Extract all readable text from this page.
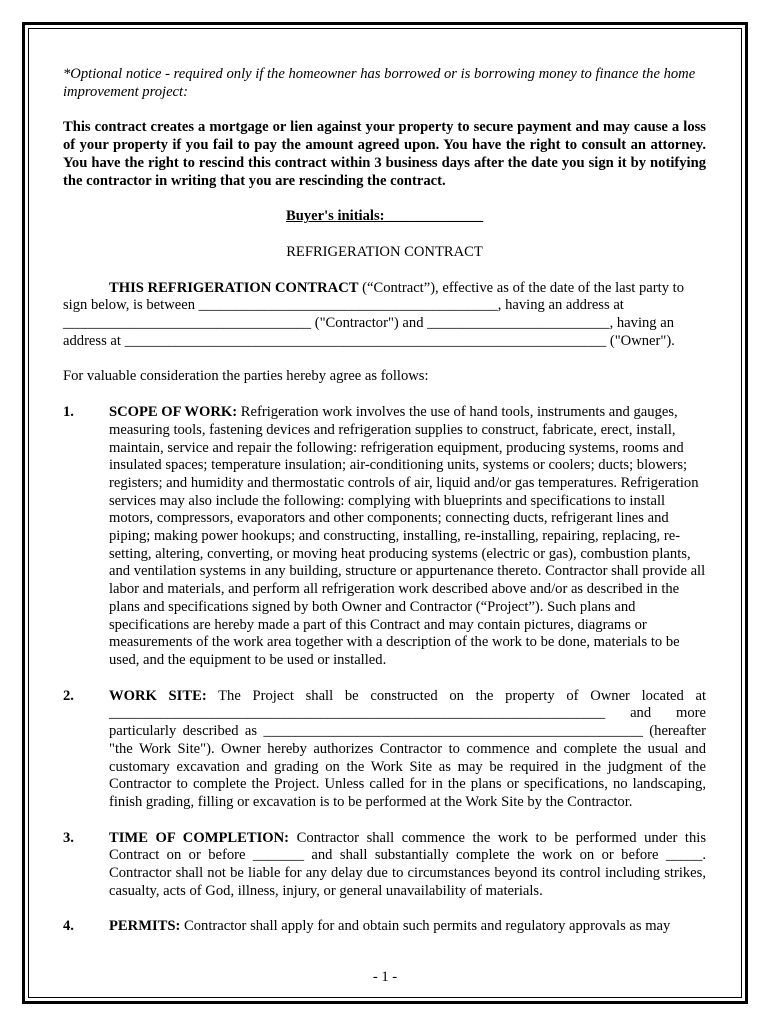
*Optional notice - required only if the homeowner has borrowed or is borrowing money to finance the home improvement project:

This contract creates a mortgage or lien against your property to secure payment and may cause a loss of your property if you fail to pay the amount agreed upon. You have the right to consult an attorney. You have the right to rescind this contract within 3 business days after the date you sign it by notifying the contractor in writing that you are rescinding the contract.

Buyer's initials: _____________

REFRIGERATION CONTRACT

THIS REFRIGERATION CONTRACT (“Contract”), effective as of the date of the last party to sign below, is between _________________________________________, having an address at __________________________________ ("Contractor") and _________________________, having an address at __________________________________________________________________ ("Owner").

For valuable consideration the parties hereby agree as follows:

1. SCOPE OF WORK: Refrigeration work involves the use of hand tools, instruments and gauges, measuring tools, fastening devices and refrigeration supplies to construct, fabricate, erect, install, maintain, service and repair the following: refrigeration equipment, producing systems, rooms and insulated spaces; temperature insulation; air-conditioning units, systems or coolers; ducts; blowers; registers; and humidity and thermostatic controls of air, liquid and/or gas temperatures. Refrigeration services may also include the following: complying with blueprints and specifications to install motors, compressors, evaporators and other components; connecting ducts, refrigerant lines and piping; making power hookups; and constructing, installing, re-installing, repairing, replacing, re-setting, altering, converting, or moving heat producing systems (electric or gas), combustion plants, and ventilation systems in any building, structure or appurtenance thereto. Contractor shall provide all labor and materials, and perform all refrigeration work described above and/or as described in the plans and specifications signed by both Owner and Contractor (“Project”). Such plans and specifications are hereby made a part of this Contract and may contain pictures, diagrams or measurements of the work area together with a description of the work to be done, materials to be used, and the equipment to be used or installed.

2. WORK SITE: The Project shall be constructed on the property of Owner located at ____________________________________________________________________ and more particularly described as ____________________________________________________ (hereafter "the Work Site"). Owner hereby authorizes Contractor to commence and complete the usual and customary excavation and grading on the Work Site as may be required in the judgment of the Contractor to complete the Project. Unless called for in the plans or specifications, no landscaping, finish grading, filling or excavation is to be performed at the Work Site by the Contractor.

3. TIME OF COMPLETION: Contractor shall commence the work to be performed under this Contract on or before _______ and shall substantially complete the work on or before _____. Contractor shall not be liable for any delay due to circumstances beyond its control including strikes, casualty, acts of God, illness, injury, or general unavailability of materials.

4. PERMITS: Contractor shall apply for and obtain such permits and regulatory approvals as may

- 1 -
